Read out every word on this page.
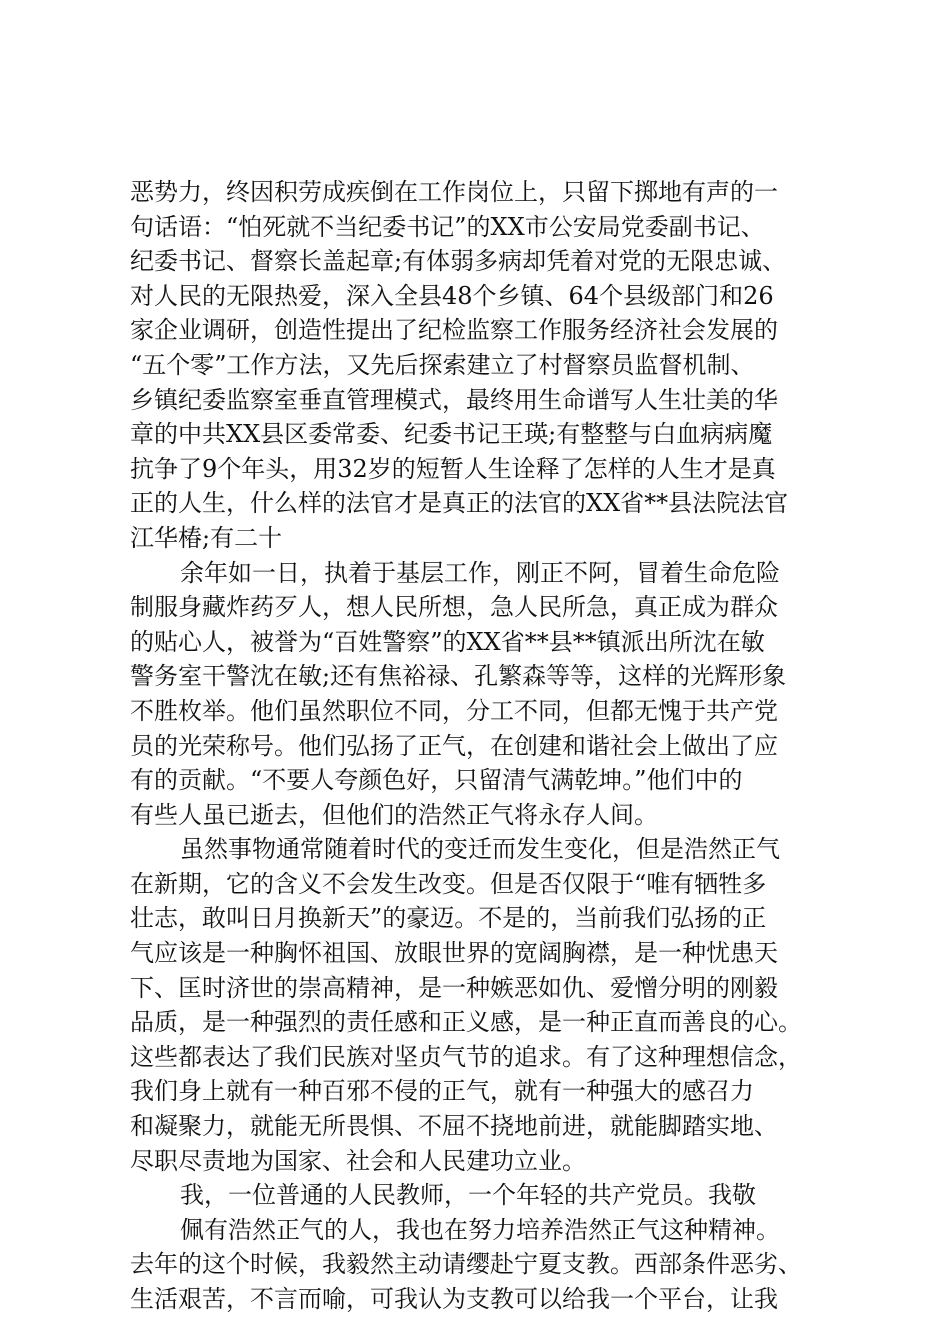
恶势力，终因积劳成疾倒在工作岗位上，只留下掷地有声的一
句话语：“怕死就不当纪委书记”的XX市公安局党委副书记、
纪委书记、督察长盖起章;有体弱多病却凭着对党的无限忠诚、
对人民的无限热爱，深入全县48个乡镇、64个县级部门和26
家企业调研，创造性提出了纪检监察工作服务经济社会发展的
“五个零”工作方法，又先后探索建立了村督察员监督机制、
乡镇纪委监察室垂直管理模式，最终用生命谱写人生壮美的华
章的中共XX县区委常委、纪委书记王瑛;有整整与白血病病魔
抗争了9个年头，用32岁的短暂人生诠释了怎样的人生才是真
正的人生，什么样的法官才是真正的法官的XX省**县法院法官
江华椿;有二十
余年如一日，执着于基层工作，刚正不阿，冒着生命危险
制服身藏炸药歹人，想人民所想，急人民所急，真正成为群众
的贴心人，被誉为“百姓警察”的XX省**县**镇派出所沈在敏
警务室干警沈在敏;还有焦裕禄、孔繁森等等，这样的光辉形象
不胜枚举。他们虽然职位不同，分工不同，但都无愧于共产党
员的光荣称号。他们弘扬了正气，在创建和谐社会上做出了应
有的贡献。“不要人夸颜色好，只留清气满乾坤。”他们中的
有些人虽已逝去，但他们的浩然正气将永存人间。
虽然事物通常随着时代的变迁而发生变化，但是浩然正气
在新期，它的含义不会发生改变。但是否仅限于“唯有牺牲多
壮志，敢叫日月换新天”的豪迈。不是的，当前我们弘扬的正
气应该是一种胸怀祖国、放眼世界的宽阔胸襟，是一种忧患天
下、匡时济世的崇高精神，是一种嫉恶如仇、爱憎分明的刚毅
品质，是一种强烈的责任感和正义感，是一种正直而善良的心。
这些都表达了我们民族对坚贞气节的追求。有了这种理想信念，
我们身上就有一种百邪不侵的正气，就有一种强大的感召力
和凝聚力，就能无所畏惧、不屈不挠地前进，就能脚踏实地、
尽职尽责地为国家、社会和人民建功立业。
我，一位普通的人民教师，一个年轻的共产党员。我敬
佩有浩然正气的人，我也在努力培养浩然正气这种精神。
去年的这个时候，我毅然主动请缨赴宁夏支教。西部条件恶劣、
生活艰苦，不言而喻，可我认为支教可以给我一个平台，让我
